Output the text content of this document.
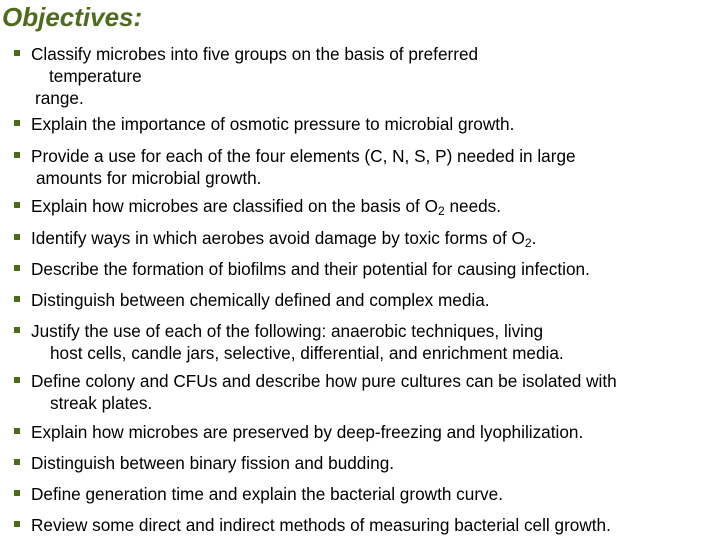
Objectives:
Classify microbes into five groups on the basis of preferred
temperature
range.
Explain the importance of osmotic pressure to microbial growth.
Provide a use for each of the four elements (C, N, S, P) needed in large
amounts for microbial growth.
Explain how microbes are classified on the basis of $O_2$ needs.
Identify ways in which aerobes avoid damage by toxic forms of $O_2$.
Describe the formation of biofilms and their potential for causing infection.
Distinguish between chemically defined and complex media.
Justify the use of each of the following: anaerobic techniques, living
host cells, candle jars, selective, differential, and enrichment media.
Define colony and CFUs and describe how pure cultures can be isolated with
streak plates.
Explain how microbes are preserved by deep-freezing and lyophilization.
Distinguish between binary fission and budding.
Define generation time and explain the bacterial growth curve.
Review some direct and indirect methods of measuring bacterial cell growth.
